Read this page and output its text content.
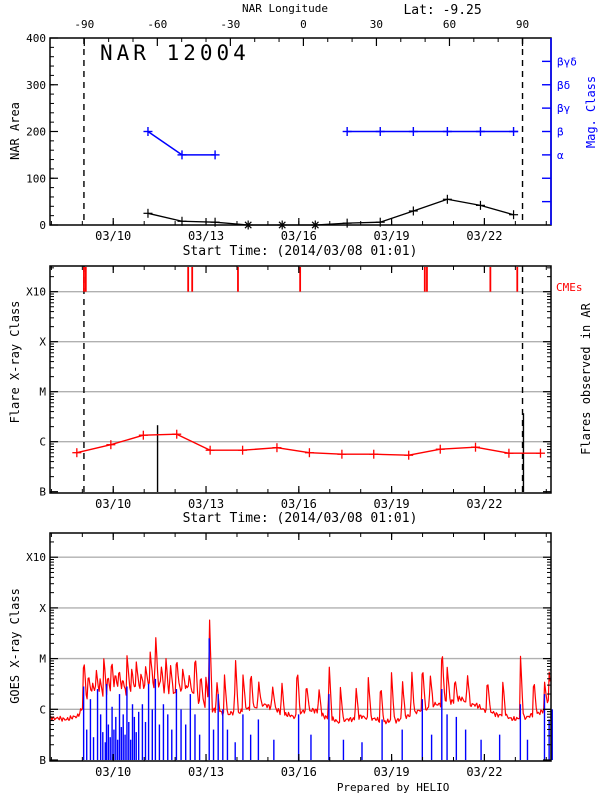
0
100
200
300
400
-90	-60	-30	0	30	60	90
α
β
βγ
βδ
βγδ
03/10	03/13	03/16	03/19	03/22
B
C
M
X
X10
03/10	03/13	03/16	03/19	03/22
B
C
M
X
X10
03/10	03/13	03/16	03/19	03/22
Lat: -9.25
NAR Longitude
NAR 12004
NAR Area	Mag. Class
Start Time: (2014/03/08 01:01)
Flare X-ray Class
CMEs
Flares observed in AR
Start Time: (2014/03/08 01:01)
GOES X-ray Class
Prepared by HELIO
